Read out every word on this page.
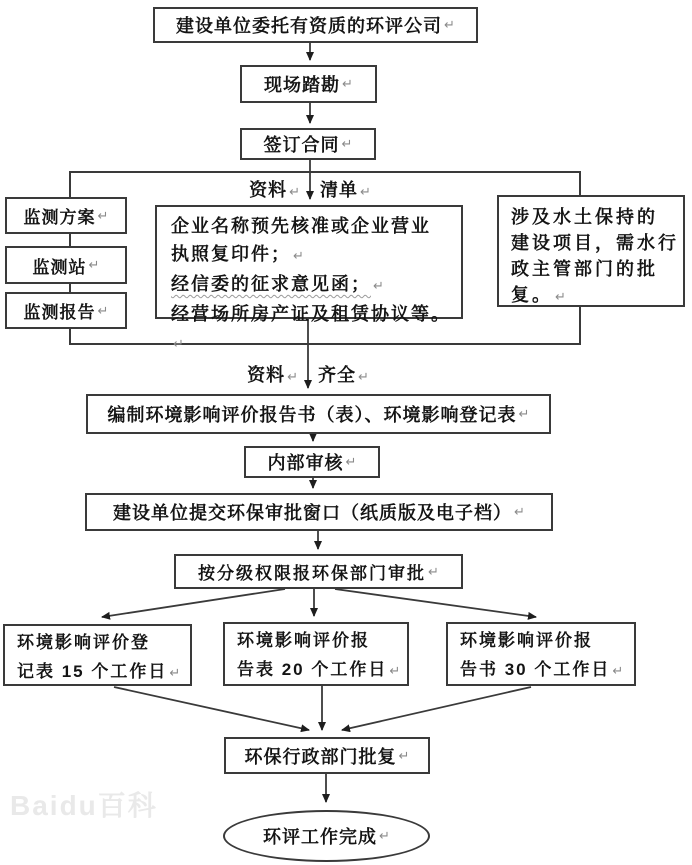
建设单位委托有资质的环评公司 ↵
现场踏勘 ↵
签订合同 ↵
资料 ↵ 清单 ↵
监测方案 ↵
监测站 ↵
监测报告 ↵
企业名称预先核准或企业营业
执照复印件； ↵
经信委的征求意见函； ↵
经营场所房产证及租赁协议等。↵
涉及水土保持的
建设项目，需水行
政主管部门的批
复。 ↵
资料 ↵ 齐全 ↵
编制环境影响评价报告书（表）、环境影响登记表 ↵
内部审核 ↵
建设单位提交环保审批窗口（纸质版及电子档） ↵
按分级权限报环保部门审批 ↵
环境影响评价登
记表 15 个工作日 ↵
环境影响评价报
告表 20 个工作日 ↵
环境影响评价报
告书 30 个工作日 ↵
环保行政部门批复 ↵
环评工作完成 ↵
Baidu百科
